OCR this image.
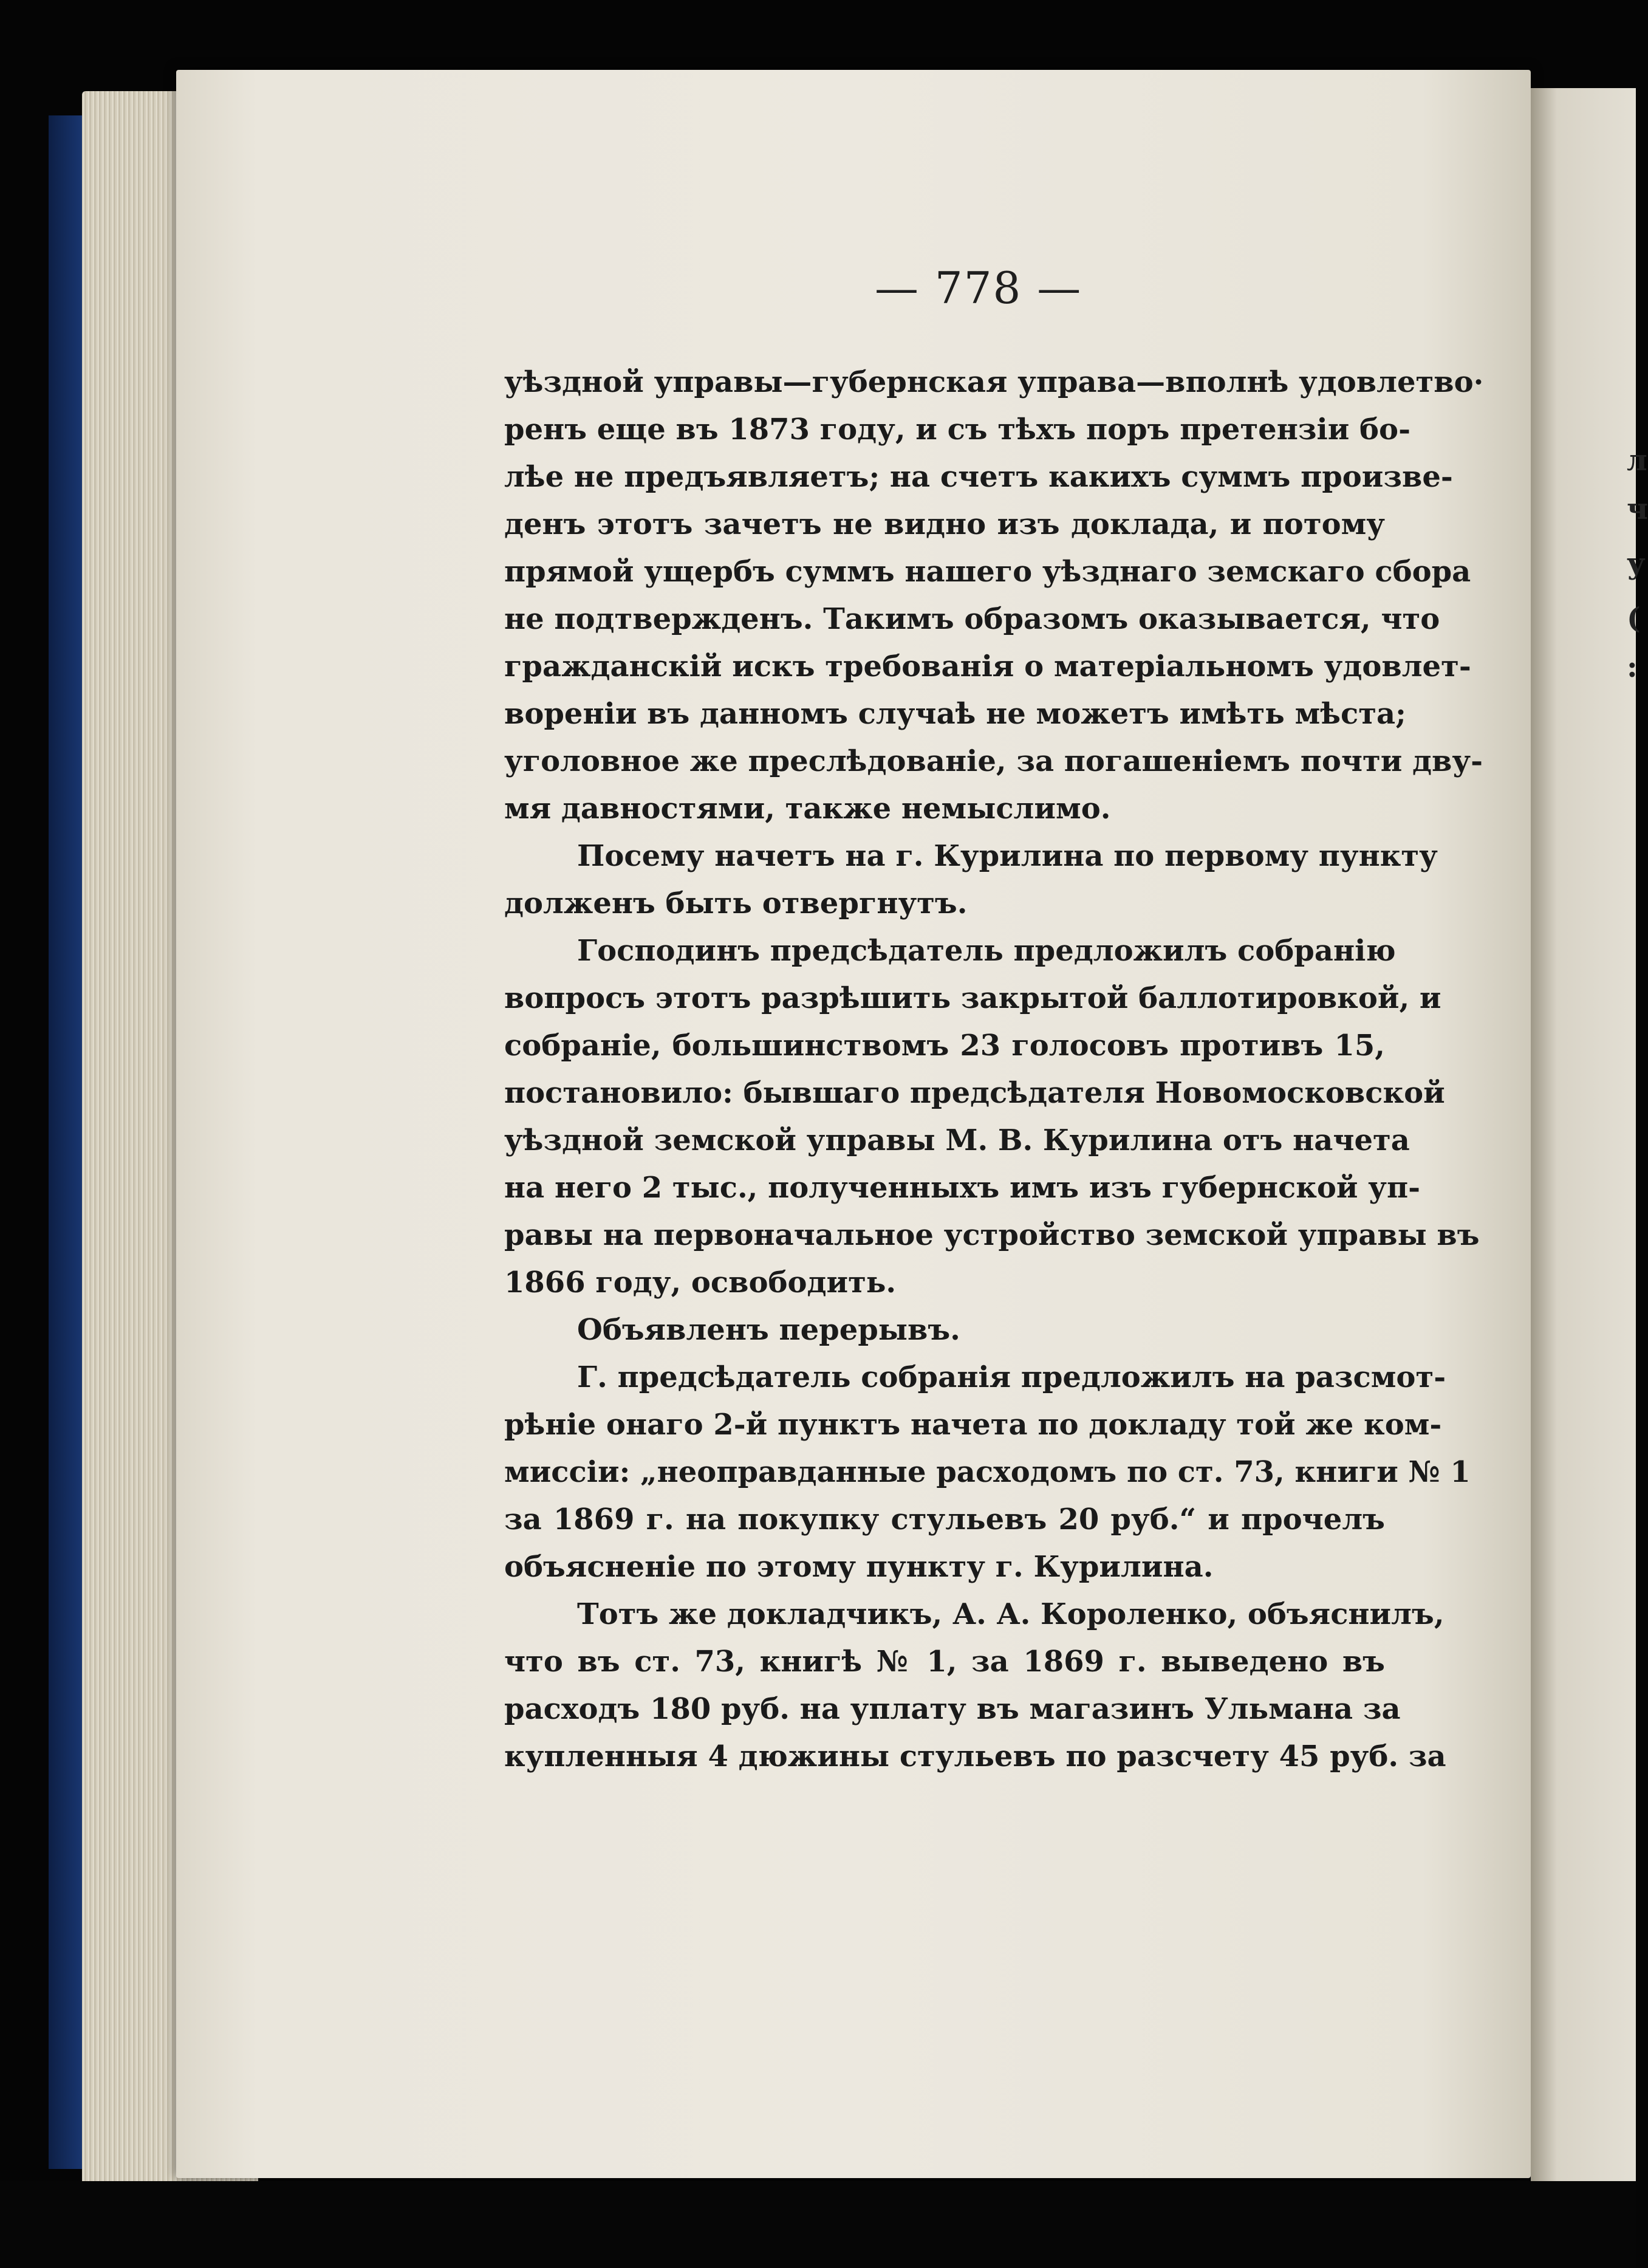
л
ч
у
(
:
— 778 —
уѣздной управы—губернская управа—вполнѣ удовлетво·
ренъ еще въ 1873 году, и съ тѣхъ поръ претензіи бо-
лѣе не предъявляетъ; на счетъ какихъ суммъ произве-
денъ этотъ зачетъ не видно изъ доклада, и потому
прямой ущербъ суммъ нашего уѣзднаго земскаго сбора
не подтвержденъ. Такимъ образомъ оказывается, что
гражданскій искъ требованія о матеріальномъ удовлет-
вореніи въ данномъ случаѣ не можетъ имѣть мѣста;
уголовное же преслѣдованіе, за погашеніемъ почти дву-
мя давностями, также немыслимо.
Посему начетъ на г. Курилина по первому пункту
долженъ быть отвергнутъ.
Господинъ предсѣдатель предложилъ собранію
вопросъ этотъ разрѣшить закрытой баллотировкой, и
собраніе, большинствомъ 23 голосовъ противъ 15,
постановило: бывшаго предсѣдателя Новомосковской
уѣздной земской управы М. В. Курилина отъ начета
на него 2 тыс., полученныхъ имъ изъ губернской уп-
равы на первоначальное устройство земской управы въ
1866 году, освободить.
Объявленъ перерывъ.
Г. предсѣдатель собранія предложилъ на разсмот-
рѣніе онаго 2-й пунктъ начета по докладу той же ком-
миссіи: „неоправданные расходомъ по ст. 73, книги № 1
за 1869 г. на покупку стульевъ 20 руб.“ и прочелъ
объясненіе по этому пункту г. Курилина.
Тотъ же докладчикъ, А. А. Короленко, объяснилъ,
что въ ст. 73, книгѣ № 1, за 1869 г. выведено въ
расходъ 180 руб. на уплату въ магазинъ Ульмана за
купленныя 4 дюжины стульевъ по разсчету 45 руб. за
